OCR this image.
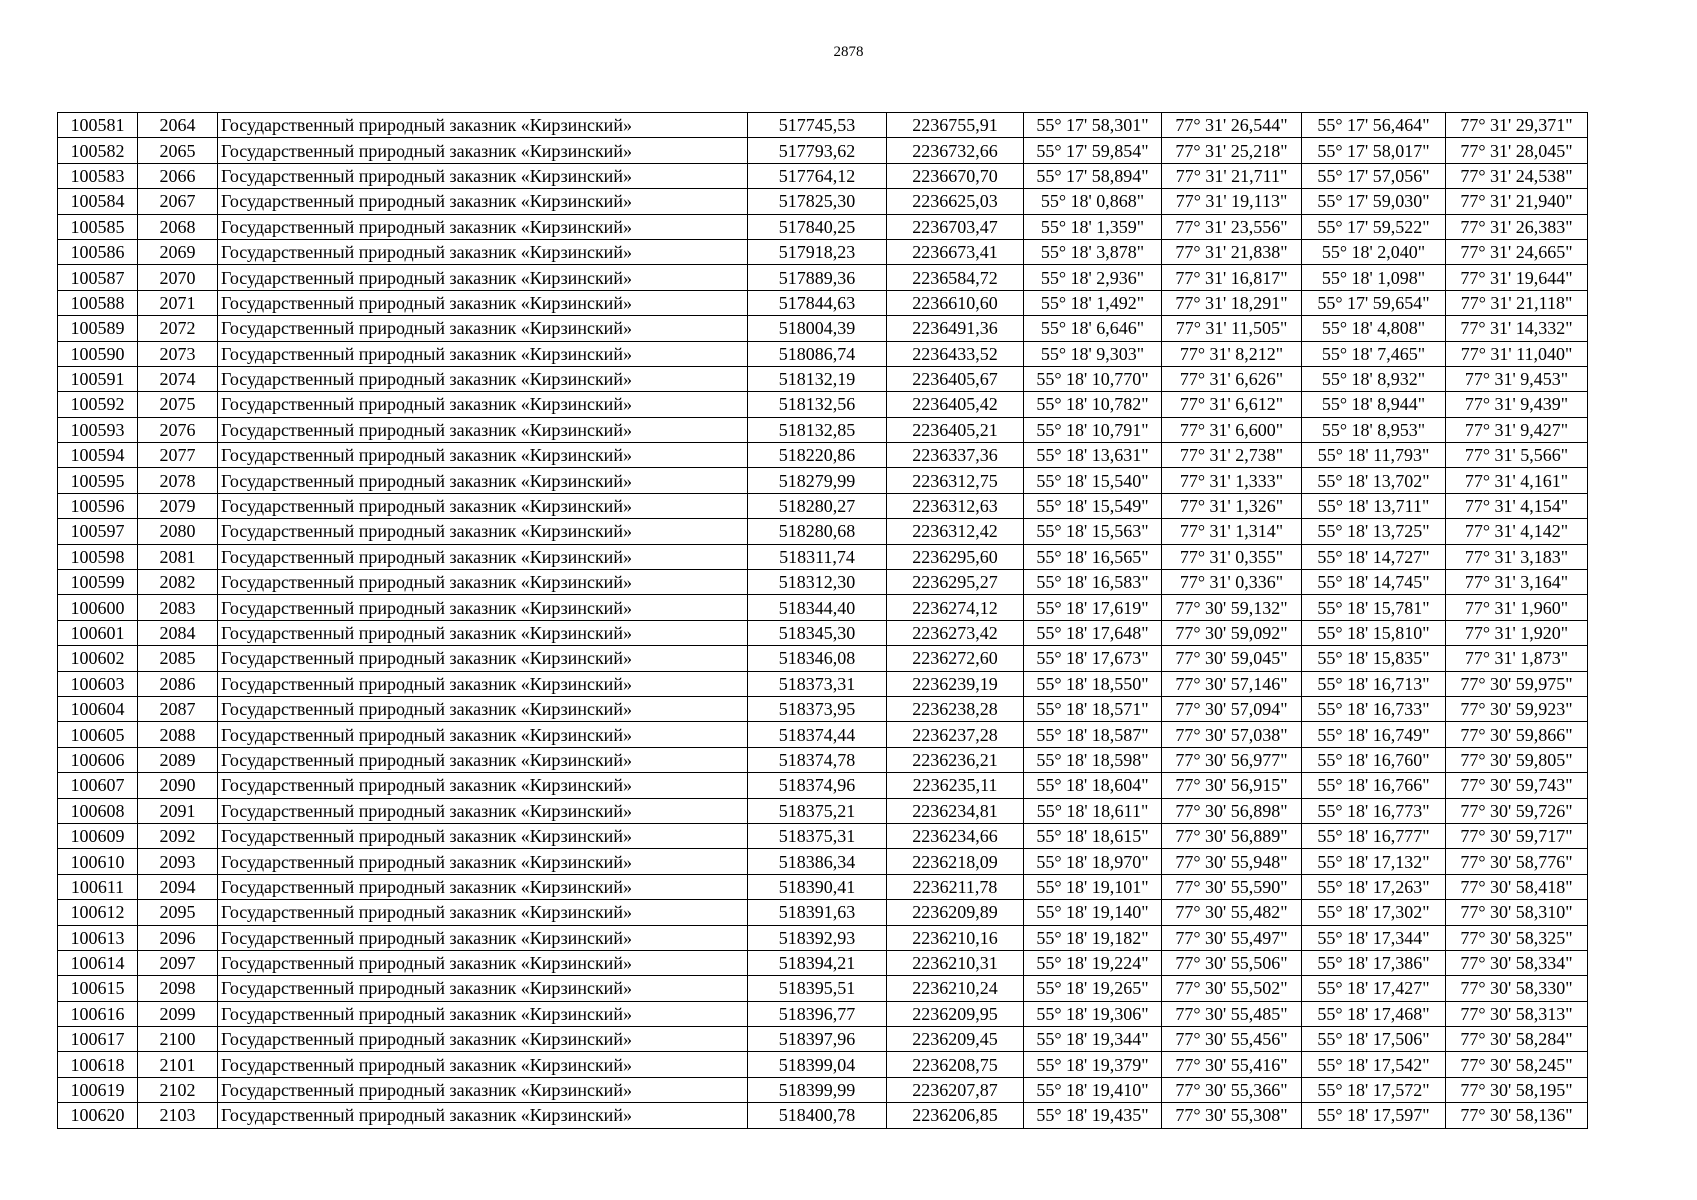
2878
100581	2064	Государственный природный заказник «Кирзинский»	517745,53	2236755,91	55° 17' 58,301"	77° 31' 26,544"	55° 17' 56,464"	77° 31' 29,371"
100582	2065	Государственный природный заказник «Кирзинский»	517793,62	2236732,66	55° 17' 59,854"	77° 31' 25,218"	55° 17' 58,017"	77° 31' 28,045"
100583	2066	Государственный природный заказник «Кирзинский»	517764,12	2236670,70	55° 17' 58,894"	77° 31' 21,711"	55° 17' 57,056"	77° 31' 24,538"
100584	2067	Государственный природный заказник «Кирзинский»	517825,30	2236625,03	55° 18' 0,868"	77° 31' 19,113"	55° 17' 59,030"	77° 31' 21,940"
100585	2068	Государственный природный заказник «Кирзинский»	517840,25	2236703,47	55° 18' 1,359"	77° 31' 23,556"	55° 17' 59,522"	77° 31' 26,383"
100586	2069	Государственный природный заказник «Кирзинский»	517918,23	2236673,41	55° 18' 3,878"	77° 31' 21,838"	55° 18' 2,040"	77° 31' 24,665"
100587	2070	Государственный природный заказник «Кирзинский»	517889,36	2236584,72	55° 18' 2,936"	77° 31' 16,817"	55° 18' 1,098"	77° 31' 19,644"
100588	2071	Государственный природный заказник «Кирзинский»	517844,63	2236610,60	55° 18' 1,492"	77° 31' 18,291"	55° 17' 59,654"	77° 31' 21,118"
100589	2072	Государственный природный заказник «Кирзинский»	518004,39	2236491,36	55° 18' 6,646"	77° 31' 11,505"	55° 18' 4,808"	77° 31' 14,332"
100590	2073	Государственный природный заказник «Кирзинский»	518086,74	2236433,52	55° 18' 9,303"	77° 31' 8,212"	55° 18' 7,465"	77° 31' 11,040"
100591	2074	Государственный природный заказник «Кирзинский»	518132,19	2236405,67	55° 18' 10,770"	77° 31' 6,626"	55° 18' 8,932"	77° 31' 9,453"
100592	2075	Государственный природный заказник «Кирзинский»	518132,56	2236405,42	55° 18' 10,782"	77° 31' 6,612"	55° 18' 8,944"	77° 31' 9,439"
100593	2076	Государственный природный заказник «Кирзинский»	518132,85	2236405,21	55° 18' 10,791"	77° 31' 6,600"	55° 18' 8,953"	77° 31' 9,427"
100594	2077	Государственный природный заказник «Кирзинский»	518220,86	2236337,36	55° 18' 13,631"	77° 31' 2,738"	55° 18' 11,793"	77° 31' 5,566"
100595	2078	Государственный природный заказник «Кирзинский»	518279,99	2236312,75	55° 18' 15,540"	77° 31' 1,333"	55° 18' 13,702"	77° 31' 4,161"
100596	2079	Государственный природный заказник «Кирзинский»	518280,27	2236312,63	55° 18' 15,549"	77° 31' 1,326"	55° 18' 13,711"	77° 31' 4,154"
100597	2080	Государственный природный заказник «Кирзинский»	518280,68	2236312,42	55° 18' 15,563"	77° 31' 1,314"	55° 18' 13,725"	77° 31' 4,142"
100598	2081	Государственный природный заказник «Кирзинский»	518311,74	2236295,60	55° 18' 16,565"	77° 31' 0,355"	55° 18' 14,727"	77° 31' 3,183"
100599	2082	Государственный природный заказник «Кирзинский»	518312,30	2236295,27	55° 18' 16,583"	77° 31' 0,336"	55° 18' 14,745"	77° 31' 3,164"
100600	2083	Государственный природный заказник «Кирзинский»	518344,40	2236274,12	55° 18' 17,619"	77° 30' 59,132"	55° 18' 15,781"	77° 31' 1,960"
100601	2084	Государственный природный заказник «Кирзинский»	518345,30	2236273,42	55° 18' 17,648"	77° 30' 59,092"	55° 18' 15,810"	77° 31' 1,920"
100602	2085	Государственный природный заказник «Кирзинский»	518346,08	2236272,60	55° 18' 17,673"	77° 30' 59,045"	55° 18' 15,835"	77° 31' 1,873"
100603	2086	Государственный природный заказник «Кирзинский»	518373,31	2236239,19	55° 18' 18,550"	77° 30' 57,146"	55° 18' 16,713"	77° 30' 59,975"
100604	2087	Государственный природный заказник «Кирзинский»	518373,95	2236238,28	55° 18' 18,571"	77° 30' 57,094"	55° 18' 16,733"	77° 30' 59,923"
100605	2088	Государственный природный заказник «Кирзинский»	518374,44	2236237,28	55° 18' 18,587"	77° 30' 57,038"	55° 18' 16,749"	77° 30' 59,866"
100606	2089	Государственный природный заказник «Кирзинский»	518374,78	2236236,21	55° 18' 18,598"	77° 30' 56,977"	55° 18' 16,760"	77° 30' 59,805"
100607	2090	Государственный природный заказник «Кирзинский»	518374,96	2236235,11	55° 18' 18,604"	77° 30' 56,915"	55° 18' 16,766"	77° 30' 59,743"
100608	2091	Государственный природный заказник «Кирзинский»	518375,21	2236234,81	55° 18' 18,611"	77° 30' 56,898"	55° 18' 16,773"	77° 30' 59,726"
100609	2092	Государственный природный заказник «Кирзинский»	518375,31	2236234,66	55° 18' 18,615"	77° 30' 56,889"	55° 18' 16,777"	77° 30' 59,717"
100610	2093	Государственный природный заказник «Кирзинский»	518386,34	2236218,09	55° 18' 18,970"	77° 30' 55,948"	55° 18' 17,132"	77° 30' 58,776"
100611	2094	Государственный природный заказник «Кирзинский»	518390,41	2236211,78	55° 18' 19,101"	77° 30' 55,590"	55° 18' 17,263"	77° 30' 58,418"
100612	2095	Государственный природный заказник «Кирзинский»	518391,63	2236209,89	55° 18' 19,140"	77° 30' 55,482"	55° 18' 17,302"	77° 30' 58,310"
100613	2096	Государственный природный заказник «Кирзинский»	518392,93	2236210,16	55° 18' 19,182"	77° 30' 55,497"	55° 18' 17,344"	77° 30' 58,325"
100614	2097	Государственный природный заказник «Кирзинский»	518394,21	2236210,31	55° 18' 19,224"	77° 30' 55,506"	55° 18' 17,386"	77° 30' 58,334"
100615	2098	Государственный природный заказник «Кирзинский»	518395,51	2236210,24	55° 18' 19,265"	77° 30' 55,502"	55° 18' 17,427"	77° 30' 58,330"
100616	2099	Государственный природный заказник «Кирзинский»	518396,77	2236209,95	55° 18' 19,306"	77° 30' 55,485"	55° 18' 17,468"	77° 30' 58,313"
100617	2100	Государственный природный заказник «Кирзинский»	518397,96	2236209,45	55° 18' 19,344"	77° 30' 55,456"	55° 18' 17,506"	77° 30' 58,284"
100618	2101	Государственный природный заказник «Кирзинский»	518399,04	2236208,75	55° 18' 19,379"	77° 30' 55,416"	55° 18' 17,542"	77° 30' 58,245"
100619	2102	Государственный природный заказник «Кирзинский»	518399,99	2236207,87	55° 18' 19,410"	77° 30' 55,366"	55° 18' 17,572"	77° 30' 58,195"
100620	2103	Государственный природный заказник «Кирзинский»	518400,78	2236206,85	55° 18' 19,435"	77° 30' 55,308"	55° 18' 17,597"	77° 30' 58,136"
